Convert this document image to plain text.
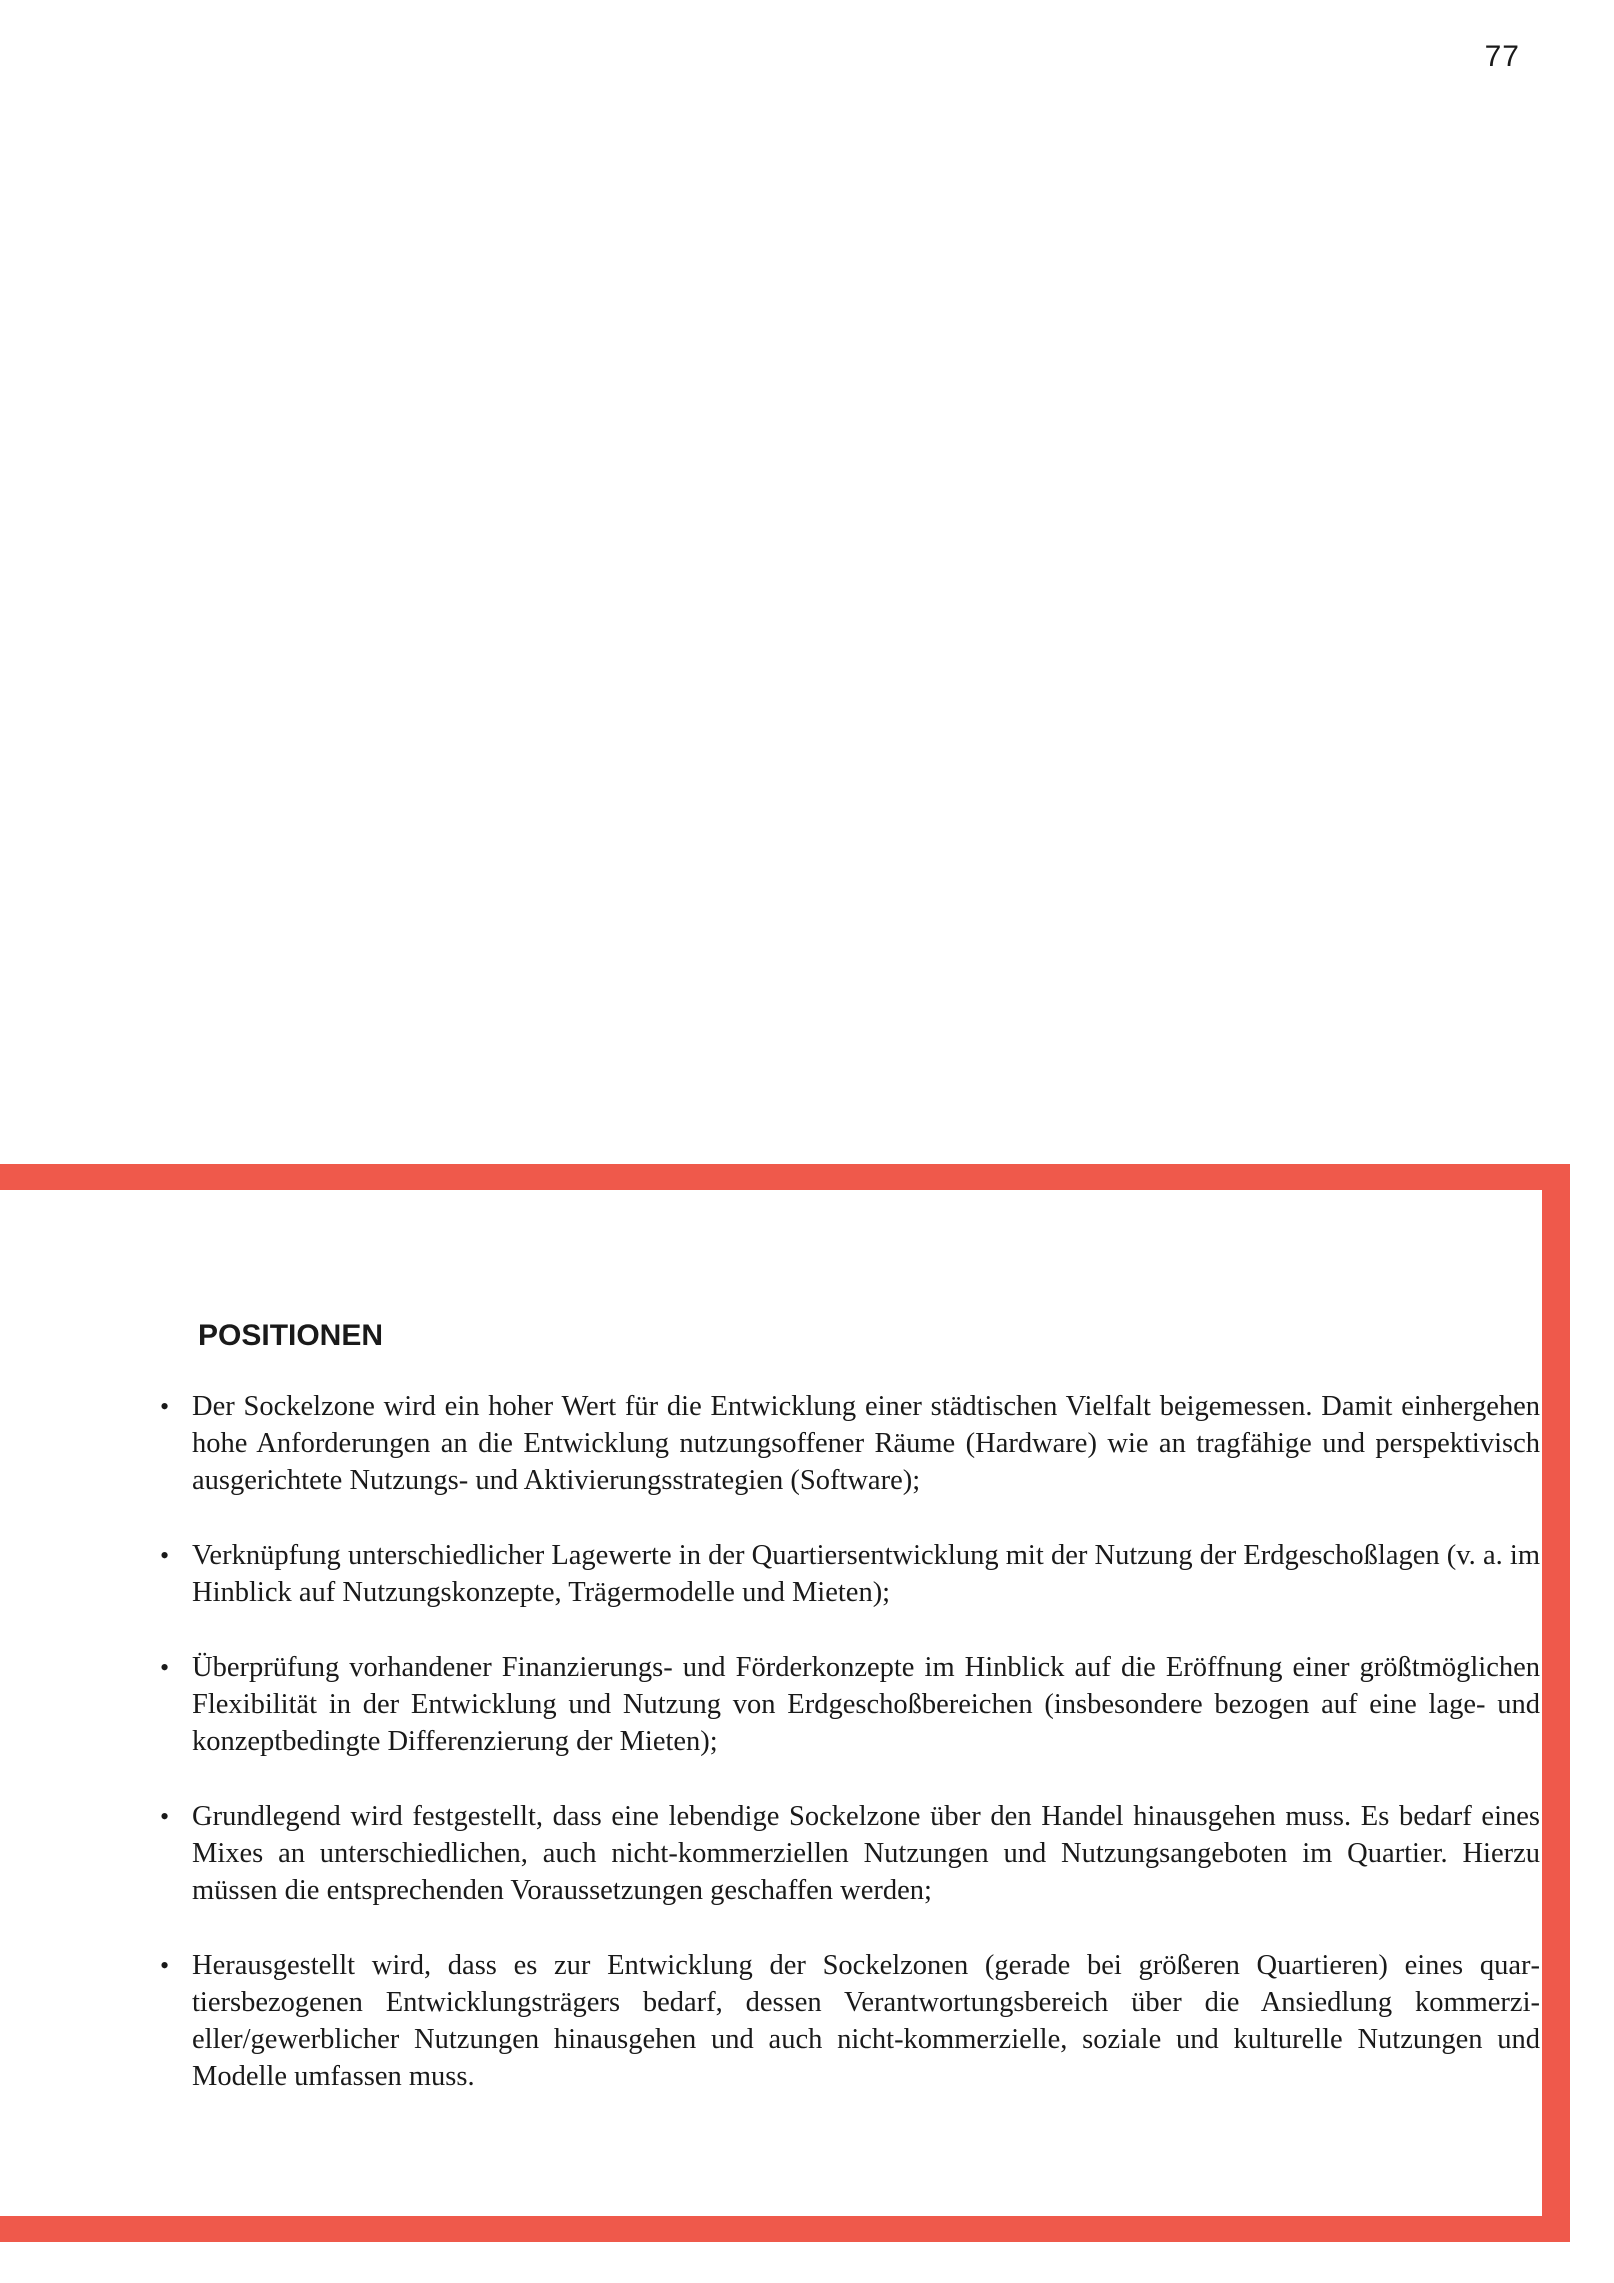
77
POSITIONEN
• Der Sockelzone wird ein hoher Wert für die Entwicklung einer städtischen Vielfalt beigemessen. Damit einhergehen hohe Anforderungen an die Entwicklung nutzungsoffener Räume (Hardware) wie an tragfähige und perspektivisch ausgerichtete Nutzungs- und Aktivierungsstrategien (Software);
• Verknüpfung unterschiedlicher Lagewerte in der Quartiersentwicklung mit der Nutzung der Erdgeschoßlagen (v. a. im Hinblick auf Nutzungskonzepte, Trägermodelle und Mieten);
• Überprüfung vorhandener Finanzierungs- und Förderkonzepte im Hinblick auf die Eröffnung einer größtmöglichen Flexibilität in der Entwicklung und Nutzung von Erdgeschoßbereichen (insbesondere bezogen auf eine lage- und konzeptbedingte Differenzierung der Mieten);
• Grundlegend wird festgestellt, dass eine lebendige Sockelzone über den Handel hinausgehen muss. Es bedarf eines Mixes an unterschiedlichen, auch nicht-kommerziellen Nutzungen und Nutzungsangeboten im Quartier. Hierzu müssen die entsprechenden Voraussetzungen geschaffen werden;
• Herausgestellt wird, dass es zur Entwicklung der Sockelzonen (gerade bei größeren Quartieren) eines quartiersbezogenen Entwicklungsträgers bedarf, dessen Verantwortungsbereich über die Ansiedlung kommerzieller/gewerblicher Nutzungen hinausgehen und auch nicht-kommerzielle, soziale und kulturelle Nutzungen und Modelle umfassen muss.
